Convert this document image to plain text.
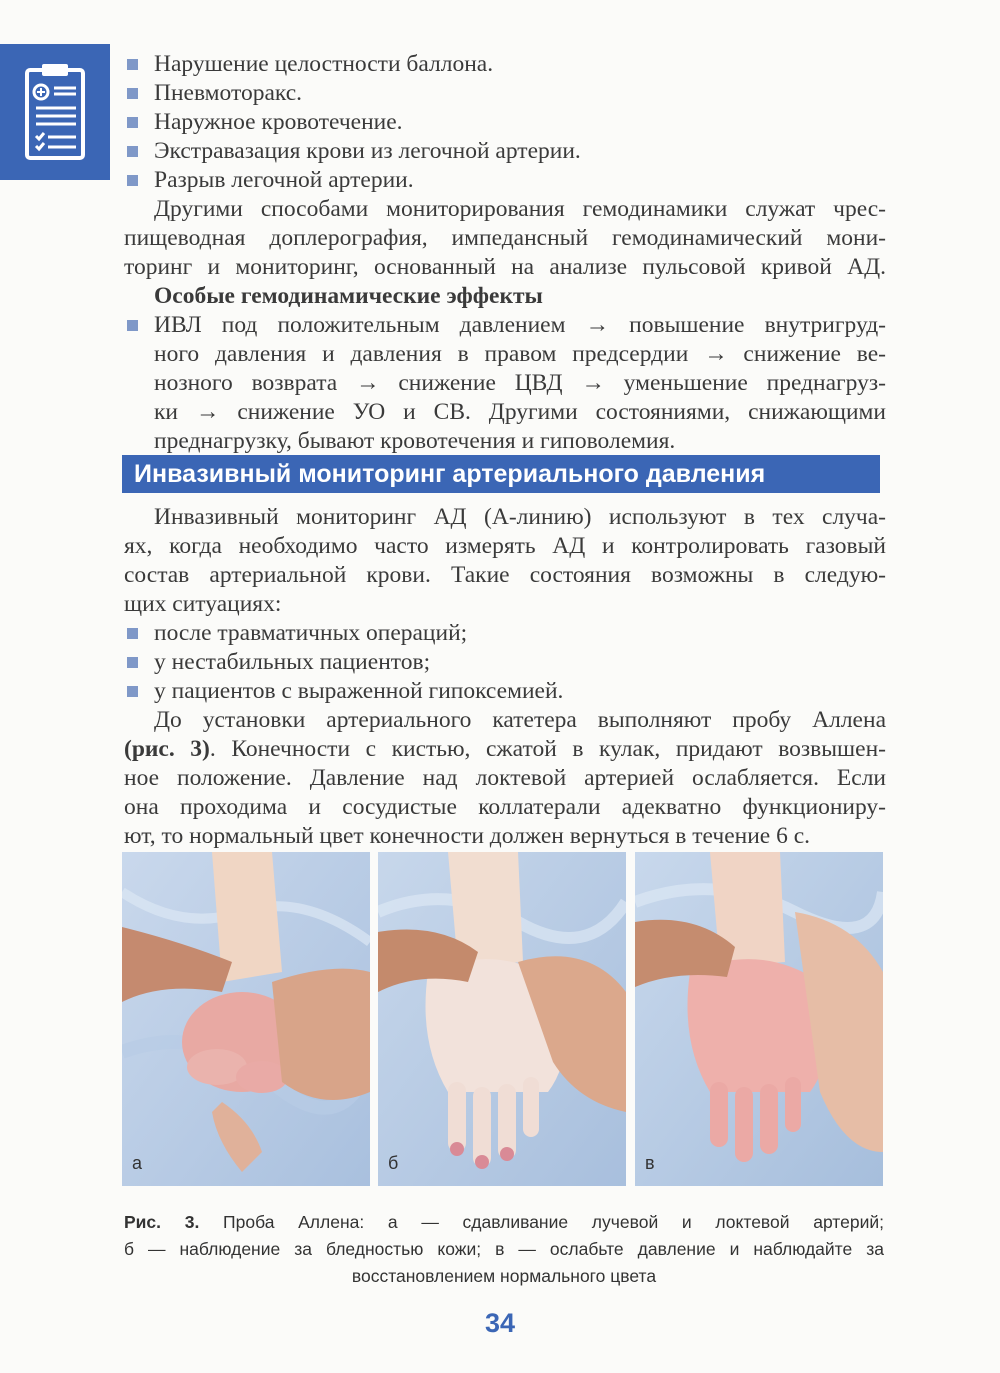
Нарушение целостности баллона.
Пневмоторакс.
Наружное кровотечение.
Экстравазация крови из легочной артерии.
Разрыв легочной артерии.
Другими способами мониторирования гемодинамики служат чрес-
пищеводная доплерография, импедансный гемодинамический мони-
торинг и мониторинг, основанный на анализе пульсовой кривой АД.
Особые гемодинамические эффекты
ИВЛ под положительным давлением → повышение внутригруд-
ного давления и давления в правом предсердии → снижение ве-
нозного возврата → снижение ЦВД → уменьшение преднагруз-
ки → снижение УО и СВ. Другими состояниями, снижающими
преднагрузку, бывают кровотечения и гиповолемия.
Инвазивный мониторинг артериального давления
Инвазивный мониторинг АД (А-линию) используют в тех случа-
ях, когда необходимо часто измерять АД и контролировать газовый
состав артериальной крови. Такие состояния возможны в следую-
щих ситуациях:
после травматичных операций;
у нестабильных пациентов;
у пациентов с выраженной гипоксемией.
До установки артериального катетера выполняют пробу Аллена
(рис. 3). Конечности с кистью, сжатой в кулак, придают возвышен-
ное положение. Давление над локтевой артерией ослабляется. Если
она проходима и сосудистые коллатерали адекватно функциониру-
ют, то нормальный цвет конечности должен вернуться в течение 6 с.
а	б	в
Рис. 3. Проба Аллена: а — сдавливание лучевой и локтевой артерий;
б — наблюдение за бледностью кожи; в — ослабьте давление и наблюдайте за
восстановлением нормального цвета
34
